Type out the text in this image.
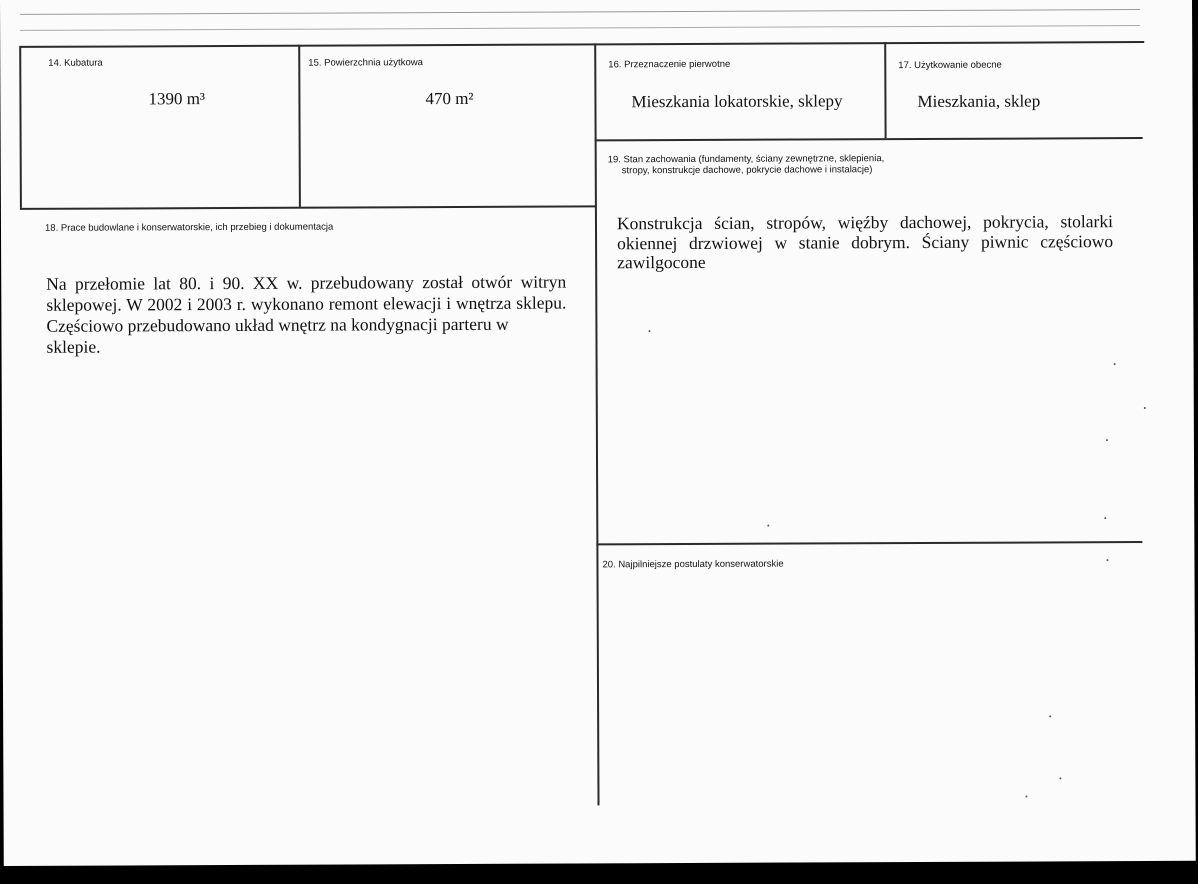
14. Kubatura
1390 m³
15. Powierzchnia użytkowa
470 m²
16. Przeznaczenie pierwotne
Mieszkania lokatorskie, sklepy
17. Użytkowanie obecne
Mieszkania, sklep
19. Stan zachowania (fundamenty, ściany zewnętrzne, sklepienia,
stropy, konstrukcje dachowe, pokrycie dachowe i instalacje)
Konstrukcja ścian, stropów, więźby dachowej, pokrycia, stolarki
okiennej drzwiowej w stanie dobrym. Ściany piwnic częściowo
zawilgocone
18. Prace budowlane i konserwatorskie, ich przebieg i dokumentacja
Na przełomie lat 80. i 90. XX w. przebudowany został otwór witryn
sklepowej. W 2002 i 2003 r. wykonano remont elewacji i wnętrza sklepu.
Częściowo przebudowano układ wnętrz na kondygnacji parteru w sklepie.
20. Najpilniejsze postulaty konserwatorskie
